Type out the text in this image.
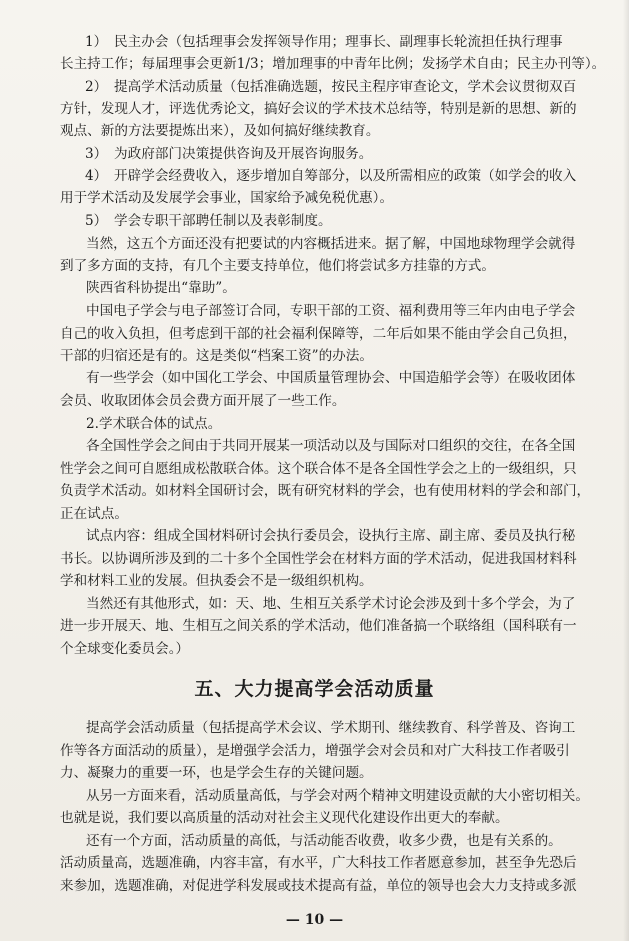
1）　民主办会（包括理事会发挥领导作用；理事长、副理事长轮流担任执行理事
长主持工作；每届理事会更新1/3；增加理事的中青年比例；发扬学术自由；民主办刊等）。
2）　提高学术活动质量（包括准确选题，按民主程序审查论文，学术会议贯彻双百
方针，发现人才，评选优秀论文，搞好会议的学术技术总结等，特别是新的思想、新的
观点、新的方法要提炼出来），及如何搞好继续教育。
3）　为政府部门决策提供咨询及开展咨询服务。
4）　开辟学会经费收入，逐步增加自筹部分，以及所需相应的政策（如学会的收入
用于学术活动及发展学会事业，国家给予减免税优惠）。
5）　学会专职干部聘任制以及表彰制度。
当然，这五个方面还没有把要试的内容概括进来。据了解，中国地球物理学会就得
到了多方面的支持，有几个主要支持单位，他们将尝试多方挂靠的方式。
陕西省科协提出“靠助”。
中国电子学会与电子部签订合同，专职干部的工资、福利费用等三年内由电子学会
自己的收入负担，但考虑到干部的社会福利保障等，二年后如果不能由学会自己负担，
干部的归宿还是有的。这是类似“档案工资”的办法。
有一些学会（如中国化工学会、中国质量管理协会、中国造船学会等）在吸收团体
会员、收取团体会员会费方面开展了一些工作。
2.学术联合体的试点。
各全国性学会之间由于共同开展某一项活动以及与国际对口组织的交往，在各全国
性学会之间可自愿组成松散联合体。这个联合体不是各全国性学会之上的一级组织，只
负责学术活动。如材料全国研讨会，既有研究材料的学会，也有使用材料的学会和部门，
正在试点。
试点内容：组成全国材料研讨会执行委员会，设执行主席、副主席、委员及执行秘
书长。以协调所涉及到的二十多个全国性学会在材料方面的学术活动，促进我国材料科
学和材料工业的发展。但执委会不是一级组织机构。
当然还有其他形式，如：天、地、生相互关系学术讨论会涉及到十多个学会，为了
进一步开展天、地、生相互之间关系的学术活动，他们准备搞一个联络组（国科联有一
个全球变化委员会。）
五、大力提高学会活动质量
提高学会活动质量（包括提高学术会议、学术期刊、继续教育、科学普及、咨询工
作等各方面活动的质量），是增强学会活力，增强学会对会员和对广大科技工作者吸引
力、凝聚力的重要一环，也是学会生存的关键问题。
从另一方面来看，活动质量高低，与学会对两个精神文明建设贡献的大小密切相关。
也就是说，我们要以高质量的活动对社会主义现代化建设作出更大的奉献。
还有一个方面，活动质量的高低，与活动能否收费，收多少费，也是有关系的。
活动质量高，选题准确，内容丰富，有水平，广大科技工作者愿意参加，甚至争先恐后
来参加，选题准确，对促进学科发展或技术提高有益，单位的领导也会大力支持或多派
— 10 —
